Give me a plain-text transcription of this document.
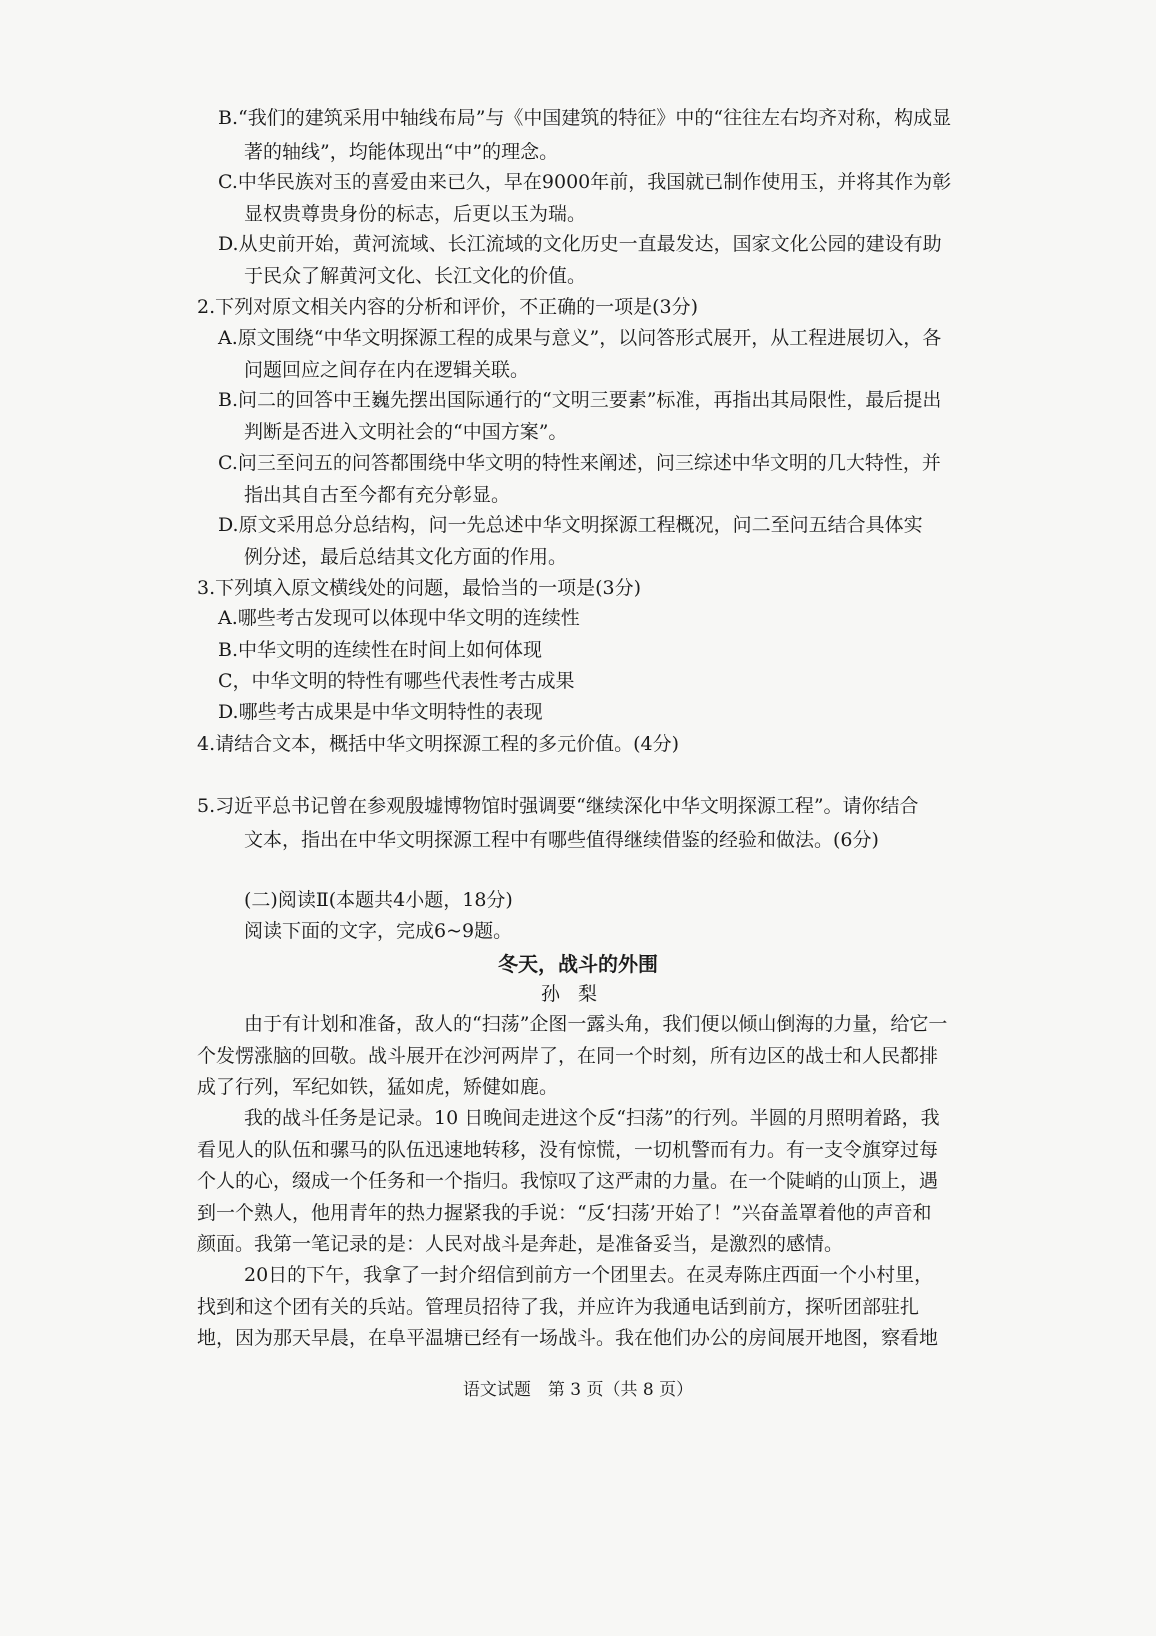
B.“我们的建筑采用中轴线布局”与《中国建筑的特征》中的“往往左右均齐对称，构成显
著的轴线”，均能体现出“中”的理念。
C.中华民族对玉的喜爱由来已久，早在9000年前，我国就已制作使用玉，并将其作为彰
显权贵尊贵身份的标志，后更以玉为瑞。
D.从史前开始，黄河流域、长江流域的文化历史一直最发达，国家文化公园的建设有助
于民众了解黄河文化、长江文化的价值。
2.下列对原文相关内容的分析和评价，不正确的一项是(3分)
A.原文围绕“中华文明探源工程的成果与意义”，以问答形式展开，从工程进展切入，各
问题回应之间存在内在逻辑关联。
B.问二的回答中王巍先摆出国际通行的“文明三要素”标准，再指出其局限性，最后提出
判断是否进入文明社会的“中国方案”。
C.问三至问五的问答都围绕中华文明的特性来阐述，问三综述中华文明的几大特性，并
指出其自古至今都有充分彰显。
D.原文采用总分总结构，问一先总述中华文明探源工程概况，问二至问五结合具体实
例分述，最后总结其文化方面的作用。
3.下列填入原文横线处的问题，最恰当的一项是(3分)
A.哪些考古发现可以体现中华文明的连续性
B.中华文明的连续性在时间上如何体现
C，中华文明的特性有哪些代表性考古成果
D.哪些考古成果是中华文明特性的表现
4.请结合文本，概括中华文明探源工程的多元价值。(4分)
5.习近平总书记曾在参观殷墟博物馆时强调要“继续深化中华文明探源工程”。请你结合
文本，指出在中华文明探源工程中有哪些值得继续借鉴的经验和做法。(6分)
(二)阅读Ⅱ(本题共4小题，18分)
阅读下面的文字，完成6~9题。
冬天，战斗的外围
孙梨
由于有计划和准备，敌人的“扫荡”企图一露头角，我们便以倾山倒海的力量，给它一
个发愣涨脑的回敬。战斗展开在沙河两岸了，在同一个时刻，所有边区的战士和人民都排
成了行列，军纪如铁，猛如虎，矫健如鹿。
我的战斗任务是记录。10 日晚间走进这个反“扫荡”的行列。半圆的月照明着路，我
看见人的队伍和骡马的队伍迅速地转移，没有惊慌，一切机警而有力。有一支令旗穿过每
个人的心，缀成一个任务和一个指归。我惊叹了这严肃的力量。在一个陡峭的山顶上，遇
到一个熟人，他用青年的热力握紧我的手说：“反‘扫荡’开始了！”兴奋盖罩着他的声音和
颜面。我第一笔记录的是：人民对战斗是奔赴，是准备妥当，是激烈的感情。
20日的下午，我拿了一封介绍信到前方一个团里去。在灵寿陈庄西面一个小村里，
找到和这个团有关的兵站。管理员招待了我，并应许为我通电话到前方，探听团部驻扎
地，因为那天早晨，在阜平温塘已经有一场战斗。我在他们办公的房间展开地图，察看地
语文试题　第 3 页（共 8 页）
